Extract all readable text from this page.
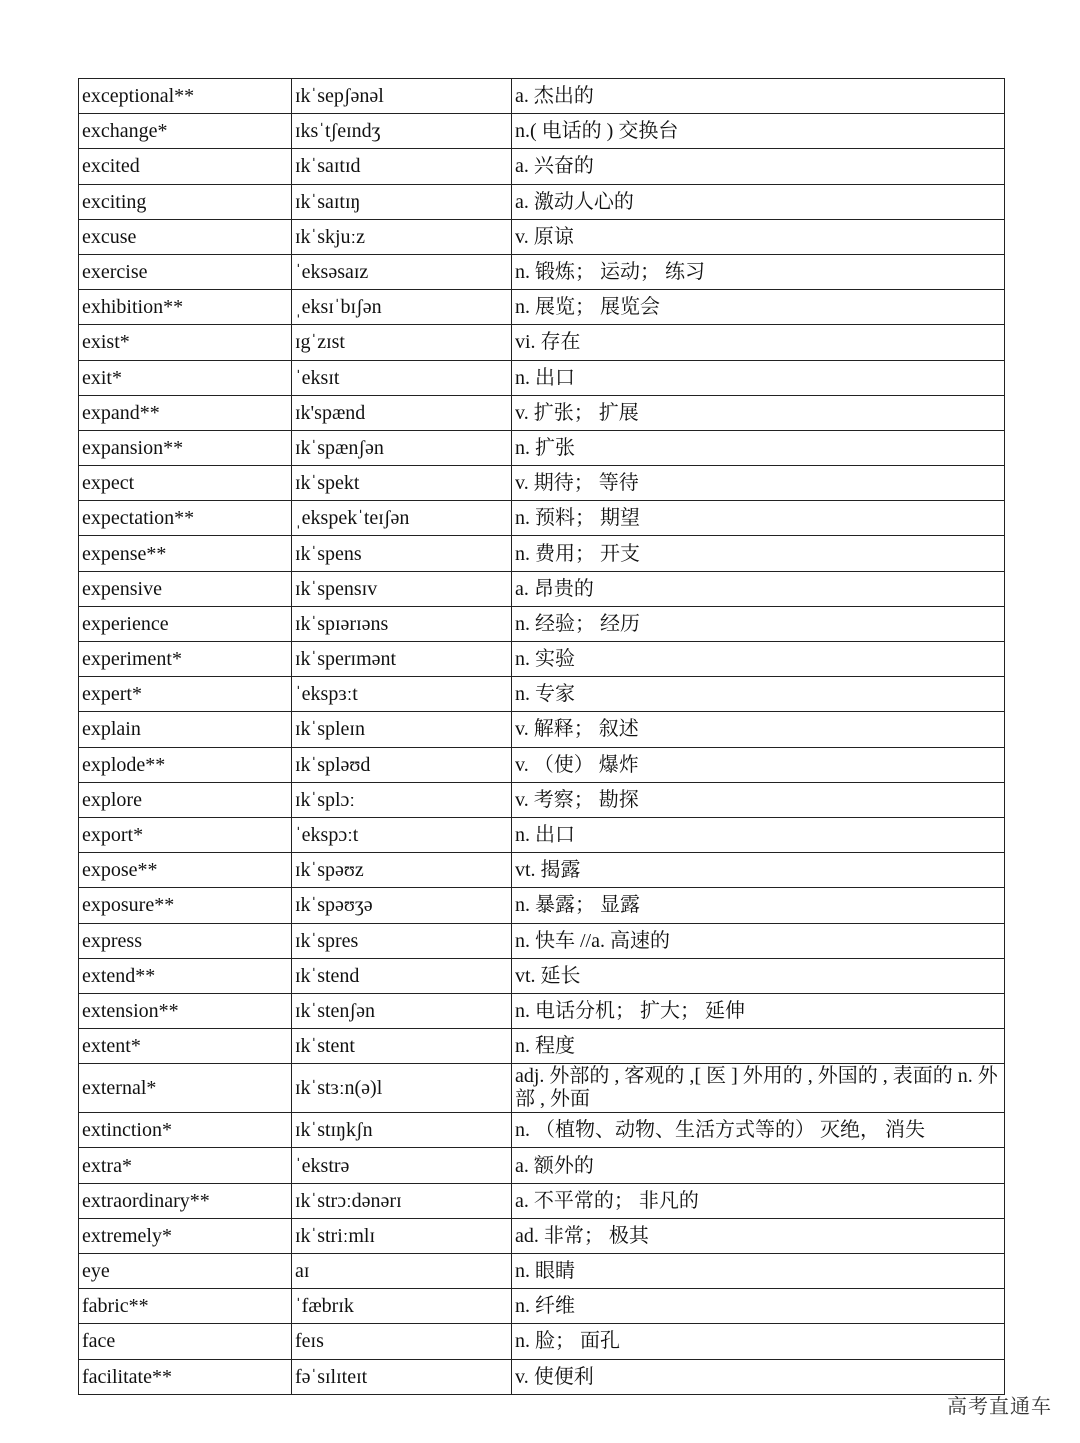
exceptional**	ɪkˈsepʃənəl	a. 杰出的
exchange*	ɪksˈtʃeɪndʒ	n.( 电话的 ) 交换台
excited	ɪkˈsaɪtɪd	a. 兴奋的
exciting	ɪkˈsaɪtɪŋ	a. 激动人心的
excuse	ɪkˈskjuːz	v. 原谅
exercise	ˈeksəsaɪz	n. 锻炼； 运动； 练习
exhibition**	ˌeksɪˈbɪʃən	n. 展览； 展览会
exist*	ɪgˈzɪst	vi. 存在
exit*	ˈeksɪt	n. 出口
expand**	ɪk'spænd	v. 扩张； 扩展
expansion**	ɪkˈspænʃən	n. 扩张
expect	ɪkˈspekt	v. 期待； 等待
expectation**	ˌekspekˈteɪʃən	n. 预料； 期望
expense**	ɪkˈspens	n. 费用； 开支
expensive	ɪkˈspensɪv	a. 昂贵的
experience	ɪkˈspɪərɪəns	n. 经验； 经历
experiment*	ɪkˈsperɪmənt	n. 实验
expert*	ˈekspɜːt	n. 专家
explain	ɪkˈspleɪn	v. 解释； 叙述
explode**	ɪkˈspləʊd	v. （使） 爆炸
explore	ɪkˈsplɔː	v. 考察； 勘探
export*	ˈekspɔːt	n. 出口
expose**	ɪkˈspəʊz	vt. 揭露
exposure**	ɪkˈspəʊʒə	n. 暴露； 显露
express	ɪkˈspres	n. 快车 //a. 高速的
extend**	ɪkˈstend	vt. 延长
extension**	ɪkˈstenʃən	n. 电话分机； 扩大； 延伸
extent*	ɪkˈstent	n. 程度
external*	ɪkˈstɜːn(ə)l	adj. 外部的 , 客观的 ,[ 医 ] 外用的 , 外国的 , 表面的 n. 外部 , 外面
extinction*	ɪkˈstɪŋkʃn	n. （植物、动物、生活方式等的） 灭绝， 消失
extra*	ˈekstrə	a. 额外的
extraordinary**	ɪkˈstrɔːdənərɪ	a. 不平常的； 非凡的
extremely*	ɪkˈstriːmlɪ	ad. 非常； 极其
eye	aɪ	n. 眼睛
fabric**	ˈfæbrɪk	n. 纤维
face	feɪs	n. 脸； 面孔
facilitate**	fəˈsɪlɪteɪt	v. 使便利
高考直通车
